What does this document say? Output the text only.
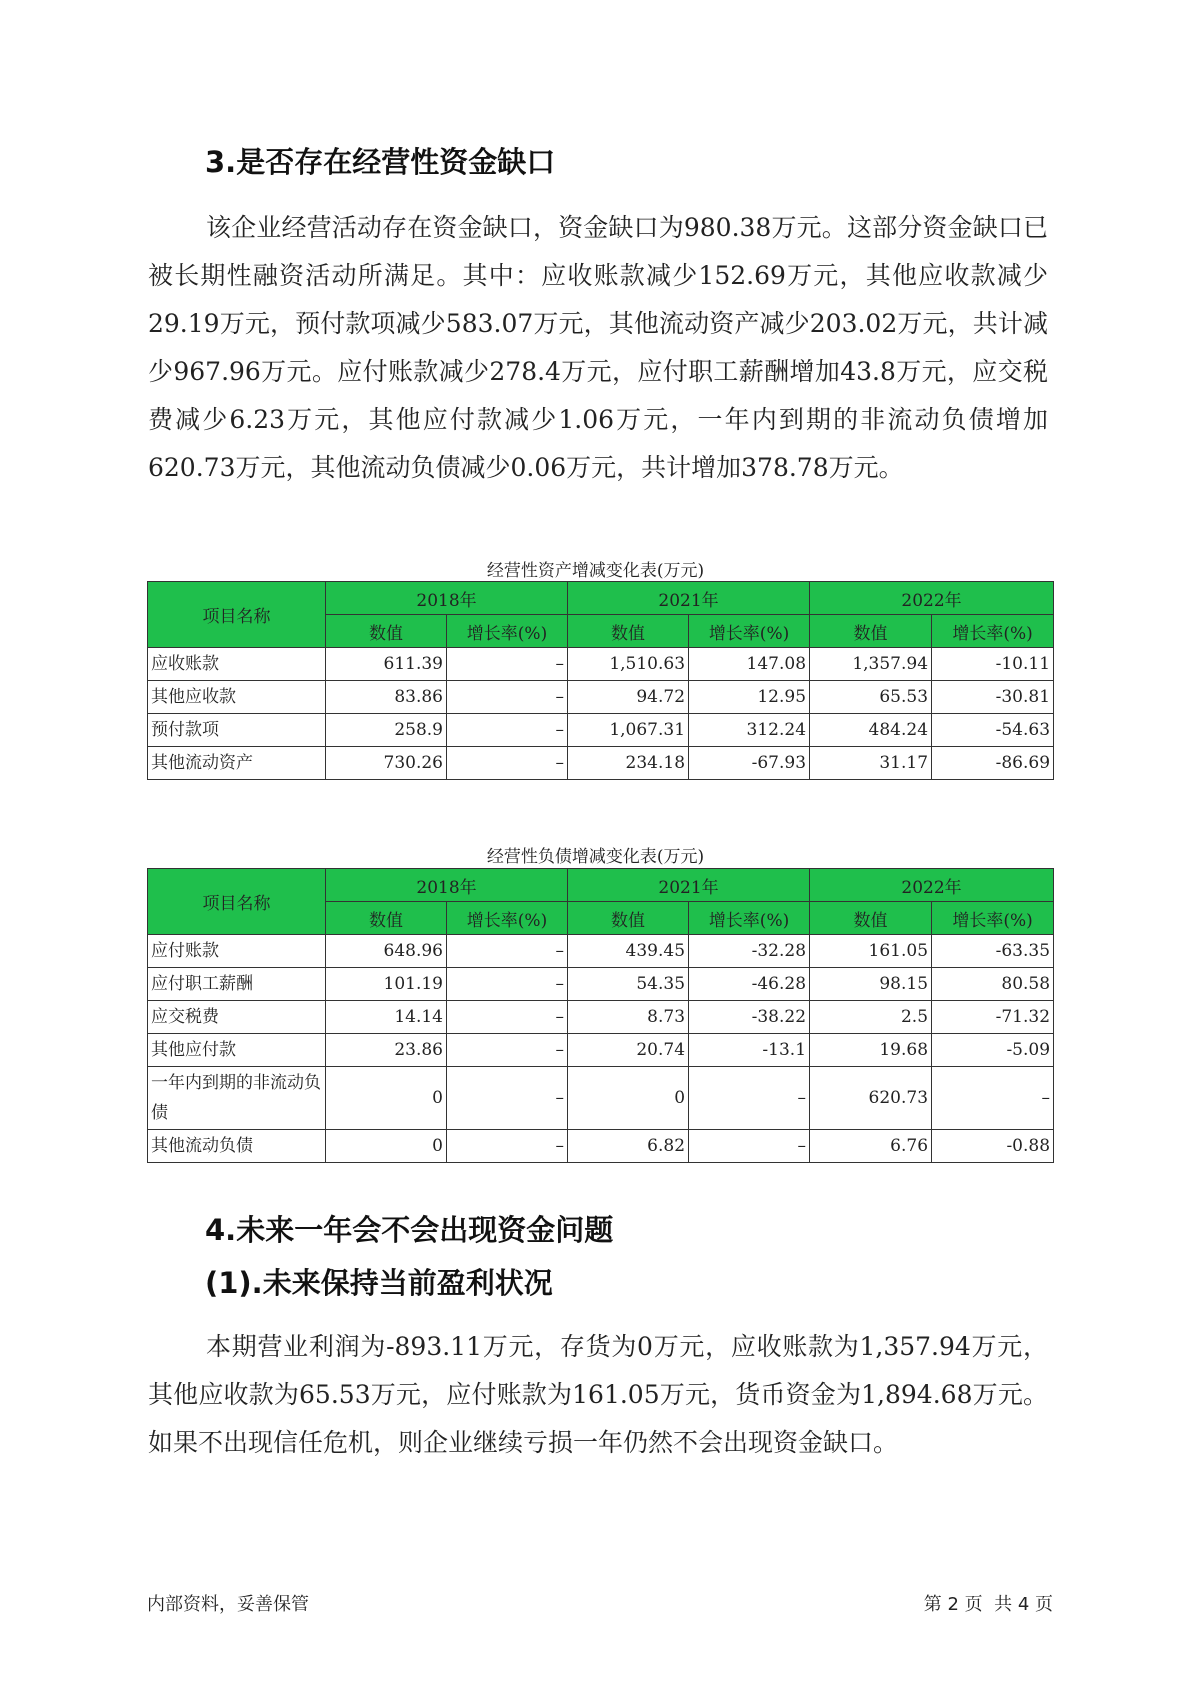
3.是否存在经营性资金缺口

该企业经营活动存在资金缺口，资金缺口为980.38万元。这部分资金缺口已被长期性融资活动所满足。其中：应收账款减少152.69万元，其他应收款减少29.19万元，预付款项减少583.07万元，其他流动资产减少203.02万元，共计减少967.96万元。应付账款减少278.4万元，应付职工薪酬增加43.8万元，应交税费减少6.23万元，其他应付款减少1.06万元，一年内到期的非流动负债增加620.73万元，其他流动负债减少0.06万元，共计增加378.78万元。

经营性资产增减变化表(万元)
项目名称	2018年		2021年		2022年	
	数值	增长率(%)	数值	增长率(%)	数值	增长率(%)
应收账款	611.39	–	1,510.63	147.08	1,357.94	-10.11
其他应收款	83.86	–	94.72	12.95	65.53	-30.81
预付款项	258.9	–	1,067.31	312.24	484.24	-54.63
其他流动资产	730.26	–	234.18	-67.93	31.17	-86.69
经营性负债增减变化表(万元)
项目名称	2018年		2021年		2022年	
	数值	增长率(%)	数值	增长率(%)	数值	增长率(%)
应付账款	648.96	–	439.45	-32.28	161.05	-63.35
应付职工薪酬	101.19	–	54.35	-46.28	98.15	80.58
应交税费	14.14	–	8.73	-38.22	2.5	-71.32
其他应付款	23.86	–	20.74	-13.1	19.68	-5.09
一年内到期的非流动负债	0	–	0	–	620.73	–
其他流动负债	0	–	6.82	–	6.76	-0.88
4.未来一年会不会出现资金问题
(1).未来保持当前盈利状况

本期营业利润为-893.11万元，存货为0万元，应收账款为1,357.94万元，其他应收款为65.53万元，应付账款为161.05万元，货币资金为1,894.68万元。如果不出现信任危机，则企业继续亏损一年仍然不会出现资金缺口。

内部资料，妥善保管	第 2 页  共 4 页
